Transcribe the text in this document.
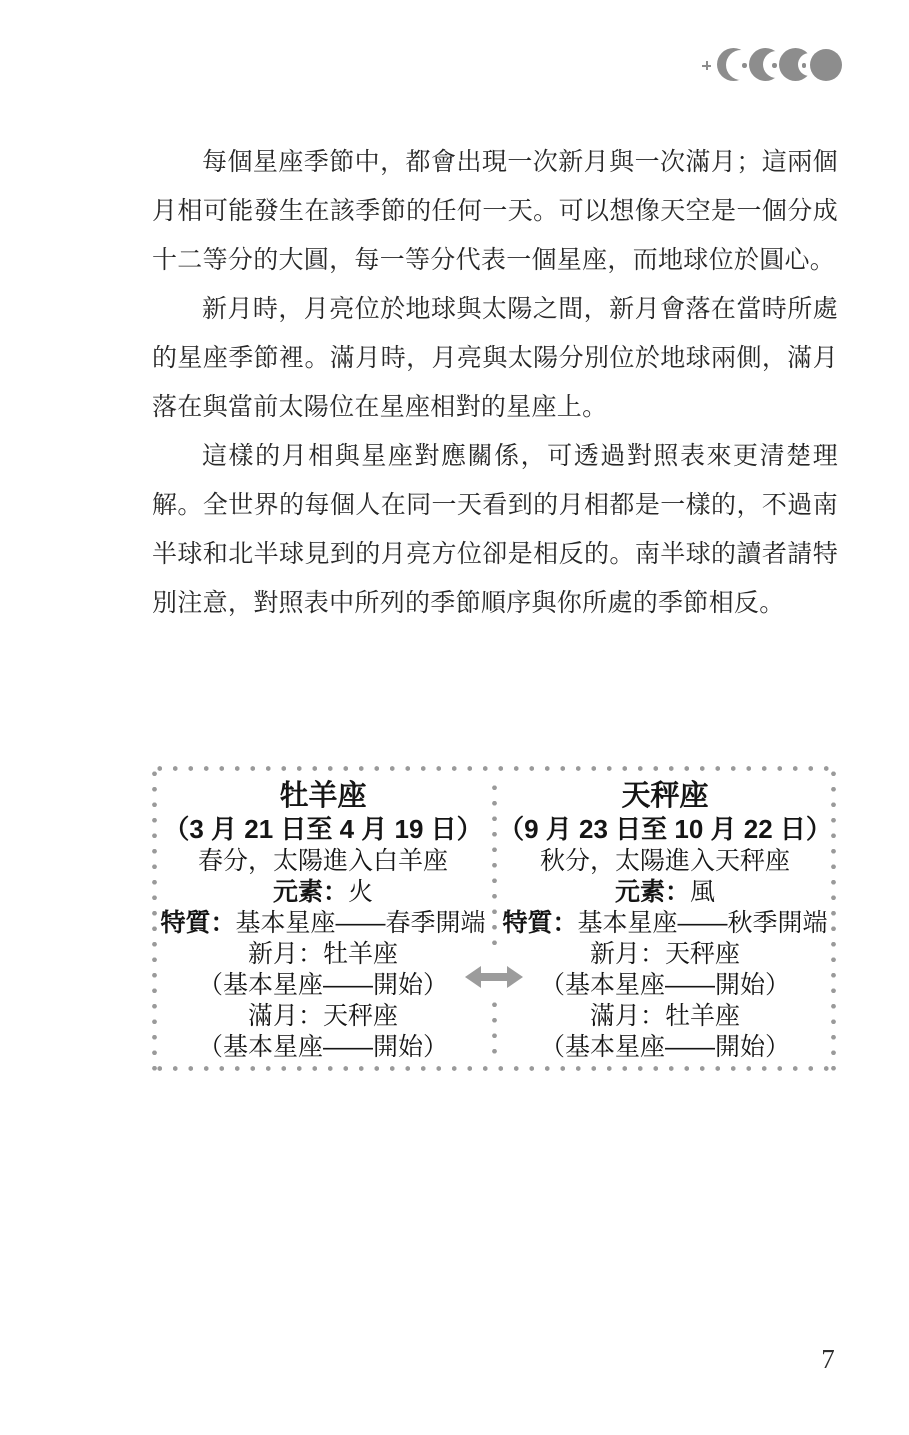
每個星座季節中，都會出現一次新月與一次滿月；這兩個月相可能發生在該季節的任何一天。可以想像天空是一個分成十二等分的大圓，每一等分代表一個星座，而地球位於圓心。

新月時，月亮位於地球與太陽之間，新月會落在當時所處的星座季節裡。滿月時，月亮與太陽分別位於地球兩側，滿月落在與當前太陽位在星座相對的星座上。

這樣的月相與星座對應關係，可透過對照表來更清楚理解。全世界的每個人在同一天看到的月相都是一樣的，不過南半球和北半球見到的月亮方位卻是相反的。南半球的讀者請特別注意，對照表中所列的季節順序與你所處的季節相反。

牡羊座
（3 月 21 日至 4 月 19 日）
春分，太陽進入白羊座
元素：火
特質：基本星座——春季開端
新月：牡羊座
（基本星座——開始）
滿月：天秤座
（基本星座——開始）
天秤座
（9 月 23 日至 10 月 22 日）
秋分，太陽進入天秤座
元素：風
特質：基本星座——秋季開端
新月：天秤座
（基本星座——開始）
滿月：牡羊座
（基本星座——開始）
7
